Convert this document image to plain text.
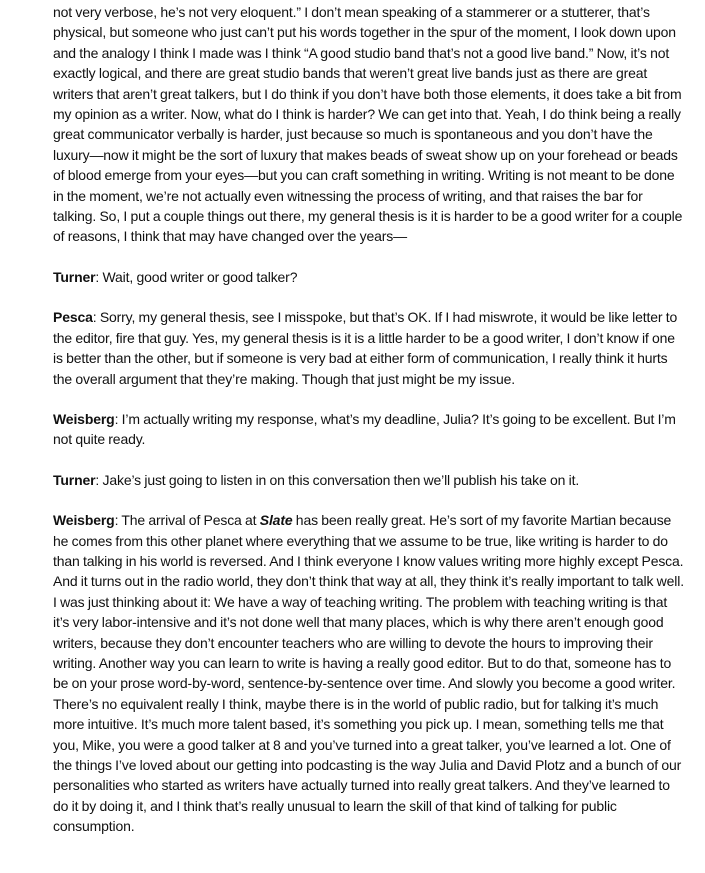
not very verbose, he’s not very eloquent.” I don’t mean speaking of a stammerer or a stutterer, that’s physical, but someone who just can’t put his words together in the spur of the moment, I look down upon and the analogy I think I made was I think “A good studio band that’s not a good live band.” Now, it’s not exactly logical, and there are great studio bands that weren’t great live bands just as there are great writers that aren’t great talkers, but I do think if you don’t have both those elements, it does take a bit from my opinion as a writer. Now, what do I think is harder? We can get into that. Yeah, I do think being a really great communicator verbally is harder, just because so much is spontaneous and you don’t have the luxury—now it might be the sort of luxury that makes beads of sweat show up on your forehead or beads of blood emerge from your eyes—but you can craft something in writing. Writing is not meant to be done in the moment, we’re not actually even witnessing the process of writing, and that raises the bar for talking. So, I put a couple things out there, my general thesis is it is harder to be a good writer for a couple of reasons, I think that may have changed over the years—

Turner: Wait, good writer or good talker?

Pesca: Sorry, my general thesis, see I misspoke, but that’s OK. If I had miswrote, it would be like letter to the editor, fire that guy. Yes, my general thesis is it is a little harder to be a good writer, I don’t know if one is better than the other, but if someone is very bad at either form of communication, I really think it hurts the overall argument that they’re making. Though that just might be my issue.

Weisberg: I’m actually writing my response, what’s my deadline, Julia? It’s going to be excellent. But I’m not quite ready.

Turner: Jake’s just going to listen in on this conversation then we’ll publish his take on it.

Weisberg: The arrival of Pesca at Slate has been really great. He’s sort of my favorite Martian because he comes from this other planet where everything that we assume to be true, like writing is harder to do than talking in his world is reversed. And I think everyone I know values writing more highly except Pesca. And it turns out in the radio world, they don’t think that way at all, they think it’s really important to talk well. I was just thinking about it: We have a way of teaching writing. The problem with teaching writing is that it’s very labor-intensive and it’s not done well that many places, which is why there aren’t enough good writers, because they don’t encounter teachers who are willing to devote the hours to improving their writing. Another way you can learn to write is having a really good editor. But to do that, someone has to be on your prose word-by-word, sentence-by-sentence over time. And slowly you become a good writer. There’s no equivalent really I think, maybe there is in the world of public radio, but for talking it’s much more intuitive. It’s much more talent based, it’s something you pick up. I mean, something tells me that you, Mike, you were a good talker at 8 and you’ve turned into a great talker, you’ve learned a lot. One of the things I’ve loved about our getting into podcasting is the way Julia and David Plotz and a bunch of our personalities who started as writers have actually turned into really great talkers. And they’ve learned to do it by doing it, and I think that’s really unusual to learn the skill of that kind of talking for public consumption.
